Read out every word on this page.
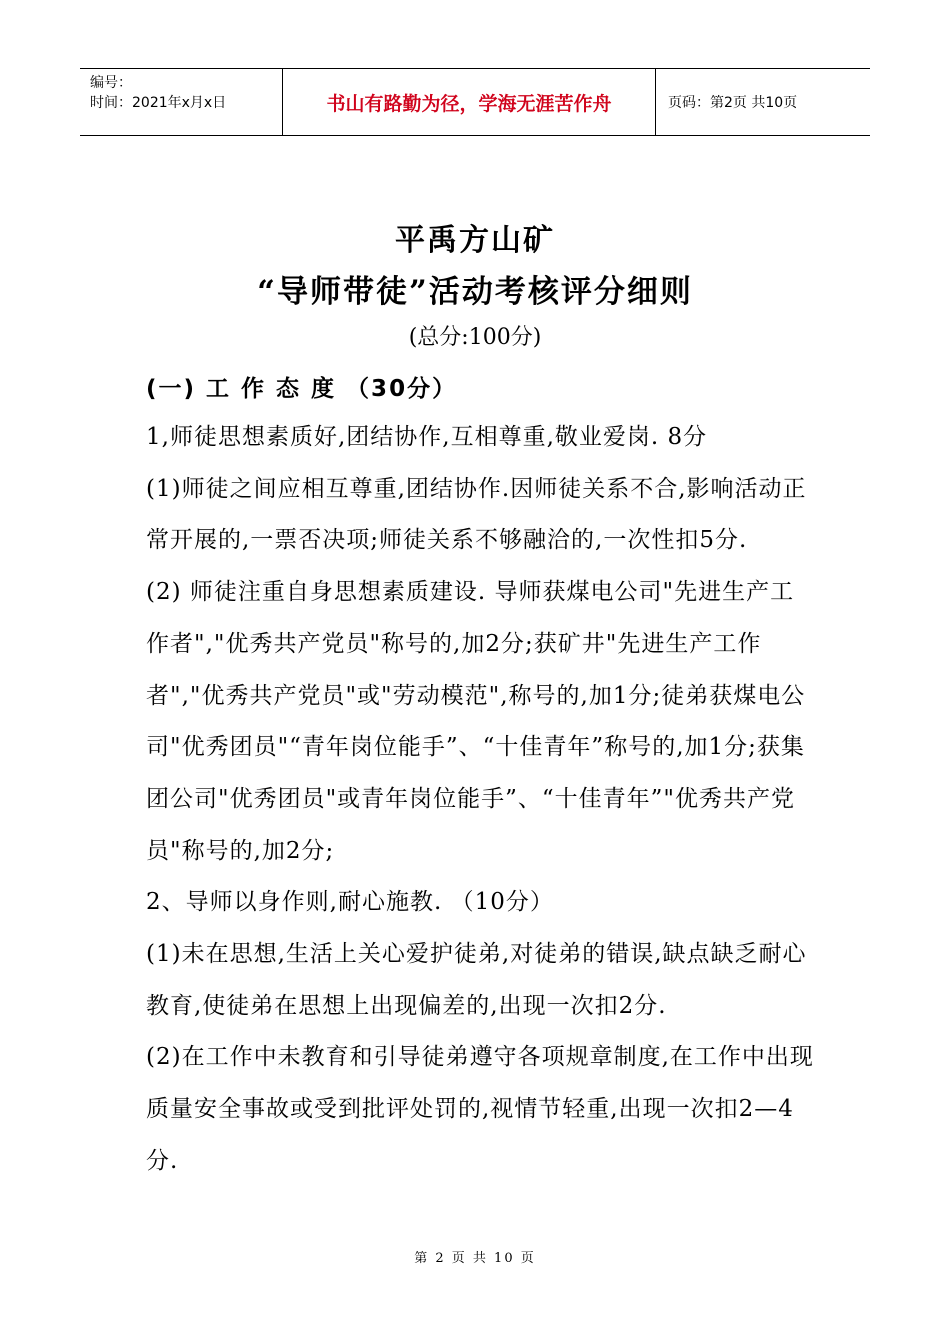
编号：
时间：2021年x月x日	书山有路勤为径，学海无涯苦作舟	页码：第2页 共10页
平禹方山矿
“导师带徒”活动考核评分细则
(总分:100分)
(一) 工 作 态 度 （30分）

1,师徒思想素质好,团结协作,互相尊重,敬业爱岗. 8分

(1)师徒之间应相互尊重,团结协作.因师徒关系不合,影响活动正常开展的,一票否决项;师徒关系不够融洽的,一次性扣5分.

(2) 师徒注重自身思想素质建设. 导师获煤电公司"先进生产工作者","优秀共产党员"称号的,加2分;获矿井"先进生产工作者","优秀共产党员"或"劳动模范",称号的,加1分;徒弟获煤电公司"优秀团员"“青年岗位能手”、“十佳青年”称号的,加1分;获集团公司"优秀团员"或青年岗位能手”、“十佳青年”"优秀共产党员"称号的,加2分;

2、导师以身作则,耐心施教. （10分）

(1)未在思想,生活上关心爱护徒弟,对徒弟的错误,缺点缺乏耐心教育,使徒弟在思想上出现偏差的,出现一次扣2分.

(2)在工作中未教育和引导徒弟遵守各项规章制度,在工作中出现质量安全事故或受到批评处罚的,视情节轻重,出现一次扣2—4分.

第 2 页 共 10 页
